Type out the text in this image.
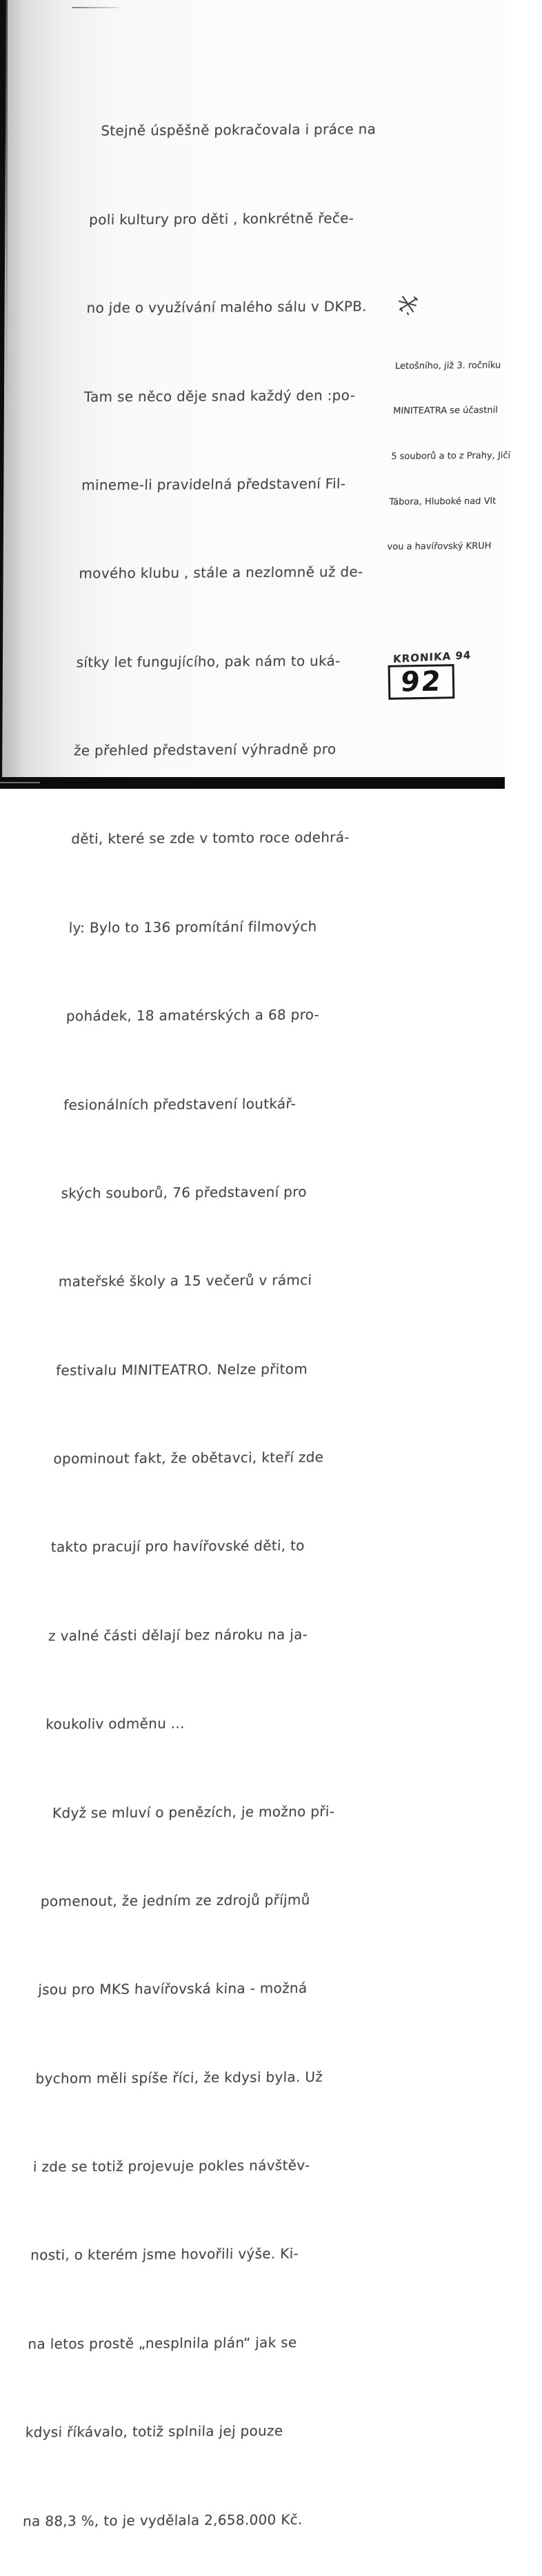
Stejně úspěšně pokračovala i práce na

poli kultury pro děti , konkrétně řeče-

no jde o využívání malého sálu v DKPB.

Tam se něco děje snad každý den :po-

mineme-li pravidelná představení Fil-

mového klubu , stále a nezlomně už de-

sítky let fungujícího, pak nám to uká-

že přehled představení výhradně pro

děti, které se zde v tomto roce odehrá-

ly: Bylo to 136 promítání filmových

pohádek, 18 amatérských a 68 pro-

fesionálních představení loutkář-

ských souborů, 76 představení pro

mateřské školy a 15 večerů v rámci

festivalu MINITEATRO. Nelze přitom

opominout fakt, že obětavci, kteří zde

takto pracují pro havířovské děti, to

z valné části dělají bez nároku na ja-

koukoliv odměnu ...

Když se mluví o penězích, je možno při-

pomenout, že jedním ze zdrojů příjmů

jsou pro MKS havířovská kina - možná

bychom měli spíše říci, že kdysi byla. Už

i zde se totiž projevuje pokles návštěv-

nosti, o kterém jsme hovořili výše. Ki-

na letos prostě „nesplnila plán“ jak se

kdysi říkávalo, totiž splnila jej pouze

na 88,3 %, to je vydělala 2,658.000 Kč.

Letošního, již 3. ročníku

MINITEATRA se účastnil

5 souborů a to z Prahy, Jičí

Tábora, Hluboké nad Vlt

vou a havířovský KRUH

KRONIKA 94
92
